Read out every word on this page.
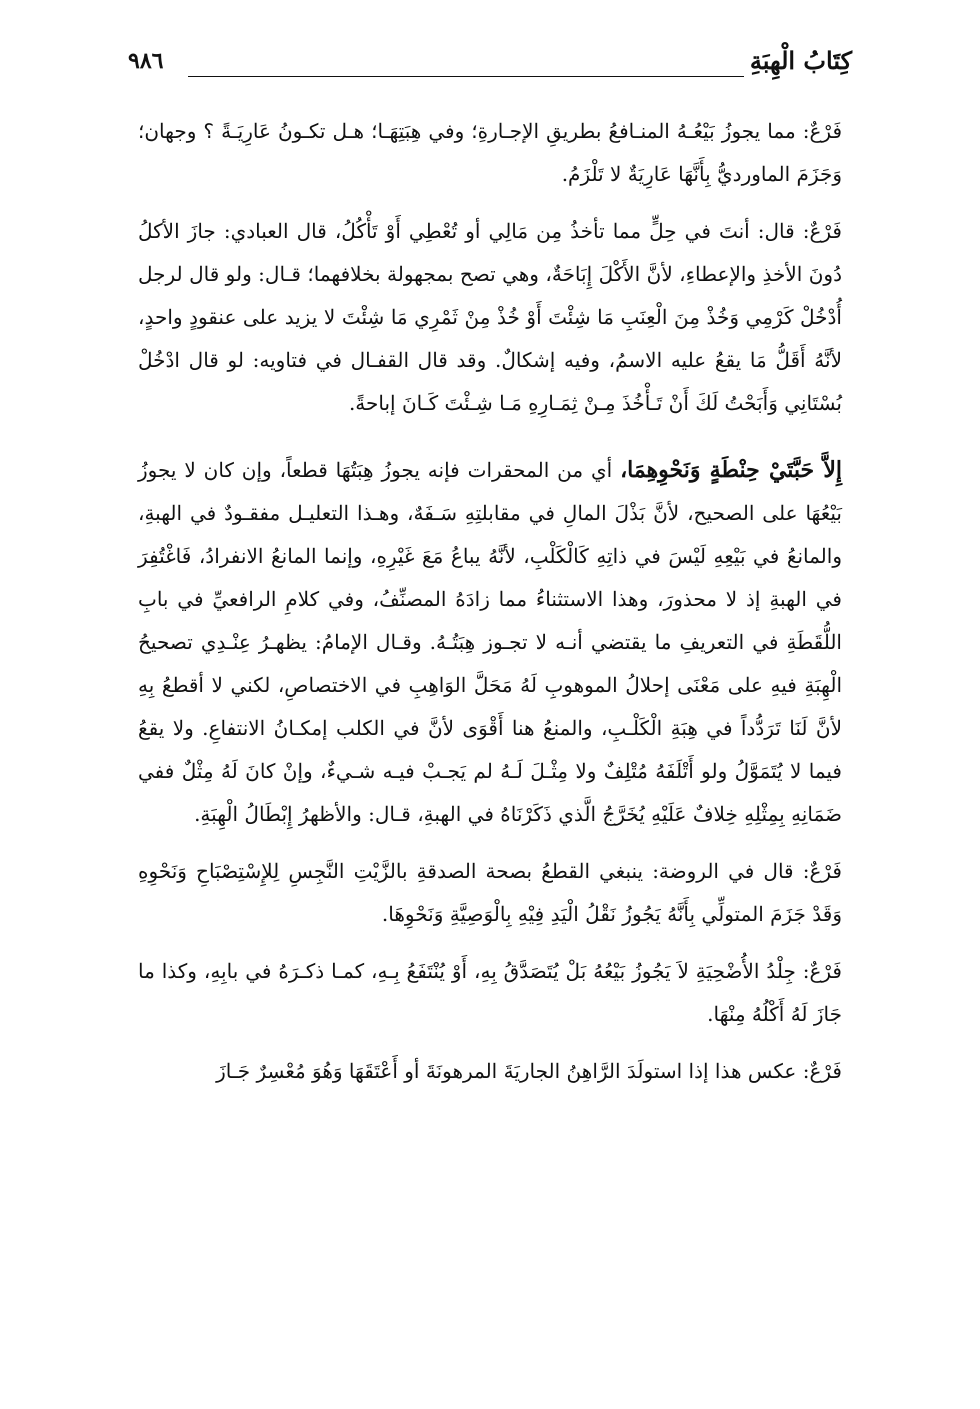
كِتَابُ الْهِبَةِ
٩٨٦

فَرْعٌ: مما يجوزُ بَيْعُـهُ المنـافعُ بطريقِ الإجـارةِ؛ وفي هِبَتِهَـا؛ هـل تكـونُ عَارِيَـةً ؟ وجهان؛ وَجَزَمَ الماورديُّ بِأَنَّهَا عَارِيَةٌ لا تَلْزَمُ.

فَرْعٌ: قال: أنتَ في حِلٍّ مما تأخذُ مِن مَالِي أو تُعْطِي أَوْ تَأْكُلُ، قال العبادي: جازَ الأكلُ دُونَ الأخذِ والإعطاءِ، لأنَّ الأَكْلَ إِبَاحَةٌ، وهي تصح بمجهولة بخلافهما؛ قـال: ولو قال لرجل أُدْخُلْ كَرْمِي وَخُذْ مِنَ الْعِنَبِ مَا شِئْتَ أَوْ خُذْ مِنْ ثَمْرِي مَا شِئْتَ لا يزيد على عنقودٍ واحدٍ، لأنَّهُ أَقَلُّ مَا يقعُ عليه الاسمُ، وفيه إشكالٌ. وقد قال القفـال في فتاويه: لو قال ادْخُلْ بُسْتَانِي وَأَبَحْتُ لَكَ أَنْ تَـأْخُذَ مِـنْ ثِمَـارِهِ مَـا شِـئْتَ كَـانَ إباحةً.

إِلاَّ حَبَّتَيْ حِنْطَةٍ وَنَحْوِهِمَا، أي من المحقرات فإنه يجوزُ هِبَتُهَا قطعاً، وإن كان لا يجوزُ بَيْعُهَا على الصحيح، لأنَّ بَذْلَ المالِ في مقابلتِهِ سَـفَهٌ، وهـذا التعليـل مفقـودٌ في الهبةِ، والمانعُ في بَيْعِهِ لَيْسَ في ذاتِهِ كَالْكَلْبِ، لأنَّهُ يباعُ مَعَ غَيْرِهِ، وإنما المانعُ الانفرادُ، فَاغْتُفِرَ في الهبةِ إذ لا محذورَ، وهذا الاستثناءُ مما زادَهُ المصنِّفُ، وفي كلامِ الرافعيِّ في بابِ اللُّقَطَةِ في التعريفِ ما يقتضي أنـه لا تجـوز هِبَتُـهُ. وقـال الإمامُ: يظهـرُ عِنْـدِي تصحيحُ الْهِبَةِ فيهِ على مَعْنَى إحلالُ الموهوبِ لَهُ مَحَلَّ الوَاهِبِ في الاختصاصِ، لكني لا أقطعُ بِهِ لأنَّ لَنَا تَرَدُّداً في هِبَةِ الْكَلْـبِ، والمنعُ هنا أَقْوَى لأنَّ في الكلب إمكـانُ الانتفاعِ. ولا يقعُ فيما لا يُتَمَوَّلُ ولو أَتْلَفَهُ مُتْلِفٌ ولا مِثْـلَ لَـهُ لم يَجـبْ فيـه شـيءٌ، وإنْ كانَ لَهُ مِثْلٌ ففي ضَمَانِهِ بِمِثْلِهِ خِلافٌ عَلَيْهِ يُخَرَّجُ الَّذي ذَكَرْنَاهُ في الهبةِ، قـال: والأظهرُ إِبْطَالُ الْهِبَةِ.

فَرْعٌ: قال في الروضة: ينبغي القطعُ بصحة الصدقةِ بالزَّيْتِ النَّجِسِ لِلإِسْتِصْبَاحِ وَنَحْوِهِ وَقَدْ جَزَمَ المتولِّي بِأَنَّهُ يَجُوزُ نَقْلُ الْيَدِ فِيْهِ بِالْوَصِيَّةِ وَنَحْوِهَا.

فَرْعٌ: جِلْدُ الأُضْحِيَةِ لاَ يَجُوزُ بَيْعُهُ بَلْ يُتَصَدَّقُ بِهِ، أَوْ يُنْتَفَعُ بِـهِ، كمـا ذكـرَهُ في بابِهِ، وكذا ما جَازَ لَهُ أَكْلُهُ مِنْهَا.

فَرْعٌ: عكس هذا إذا استولَدَ الرَّاهِنُ الجاريَةَ المرهونَةَ أو أَعْتَقَهَا وَهُوَ مُعْسِرٌ جَـازَ
